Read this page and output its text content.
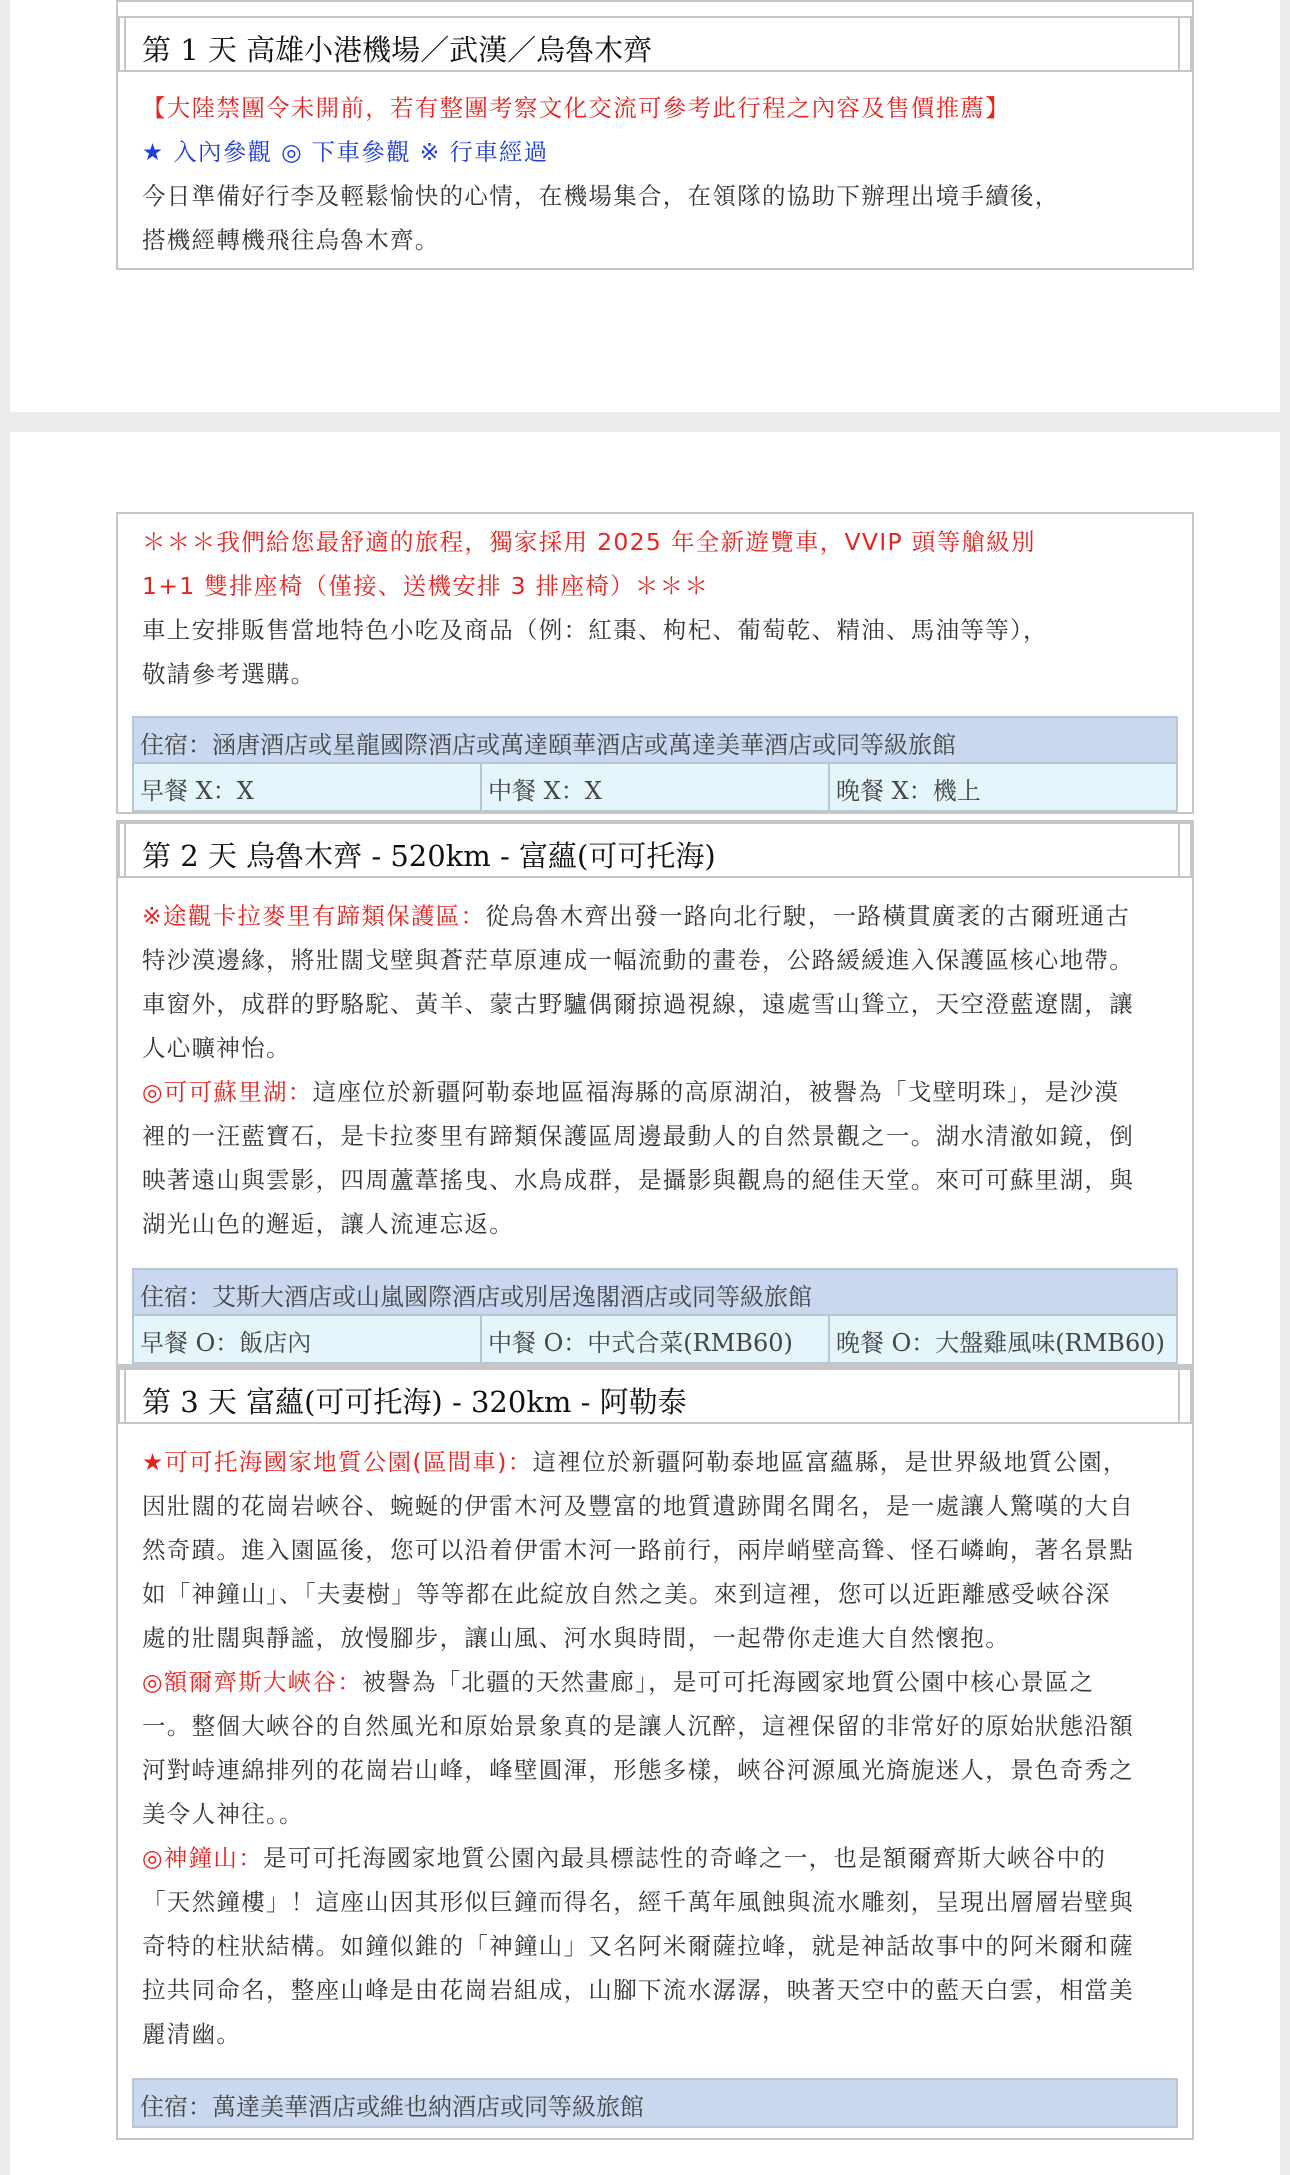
第 1 天 高雄小港機場／武漢／烏魯木齊
【大陸禁團令未開前，若有整團考察文化交流可參考此行程之內容及售價推薦】
★ 入內參觀 ◎ 下車參觀 ※ 行車經過
今日準備好行李及輕鬆愉快的心情，在機場集合，在領隊的協助下辦理出境手續後，
搭機經轉機飛往烏魯木齊。
＊＊＊我們給您最舒適的旅程，獨家採用 2025 年全新遊覽車，VVIP 頭等艙級別
1+1 雙排座椅（僅接、送機安排 3 排座椅）＊＊＊
車上安排販售當地特色小吃及商品（例：紅棗、枸杞、葡萄乾、精油、馬油等等），
敬請參考選購。
住宿：涵唐酒店或星龍國際酒店或萬達頤華酒店或萬達美華酒店或同等級旅館
早餐 X：X	中餐 X：X	晚餐 X：機上
第 2 天 烏魯木齊 - 520km - 富蘊(可可托海)
※途觀卡拉麥里有蹄類保護區：從烏魯木齊出發一路向北行駛，一路橫貫廣袤的古爾班通古
特沙漠邊緣，將壯闊戈壁與蒼茫草原連成一幅流動的畫卷，公路緩緩進入保護區核心地帶。
車窗外，成群的野駱駝、黃羊、蒙古野驢偶爾掠過視線，遠處雪山聳立，天空澄藍遼闊，讓
人心曠神怡。
◎可可蘇里湖：這座位於新疆阿勒泰地區福海縣的高原湖泊，被譽為「戈壁明珠」，是沙漠
裡的一汪藍寶石，是卡拉麥里有蹄類保護區周邊最動人的自然景觀之一。湖水清澈如鏡，倒
映著遠山與雲影，四周蘆葦搖曳、水鳥成群，是攝影與觀鳥的絕佳天堂。來可可蘇里湖，與
湖光山色的邂逅，讓人流連忘返。
住宿：艾斯大酒店或山嵐國際酒店或別居逸閣酒店或同等級旅館
早餐 O：飯店內	中餐 O：中式合菜(RMB60)	晚餐 O：大盤雞風味(RMB60)
第 3 天 富蘊(可可托海) - 320km - 阿勒泰
★可可托海國家地質公園(區間車)：這裡位於新疆阿勒泰地區富蘊縣，是世界級地質公園，
因壯闊的花崗岩峽谷、蜿蜒的伊雷木河及豐富的地質遺跡聞名聞名，是一處讓人驚嘆的大自
然奇蹟。進入園區後，您可以沿着伊雷木河一路前行，兩岸峭壁高聳、怪石嶙峋，著名景點
如「神鐘山」、「夫妻樹」等等都在此綻放自然之美。來到這裡，您可以近距離感受峽谷深
處的壯闊與靜謐，放慢腳步，讓山風、河水與時間，一起帶你走進大自然懷抱。
◎額爾齊斯大峽谷：被譽為「北疆的天然畫廊」，是可可托海國家地質公園中核心景區之
一。整個大峽谷的自然風光和原始景象真的是讓人沉醉，這裡保留的非常好的原始狀態沿額
河對峙連綿排列的花崗岩山峰，峰壁圓渾，形態多樣，峽谷河源風光旖旎迷人，景色奇秀之
美令人神往。。
◎神鐘山：是可可托海國家地質公園內最具標誌性的奇峰之一，也是額爾齊斯大峽谷中的
「天然鐘樓」！這座山因其形似巨鐘而得名，經千萬年風蝕與流水雕刻，呈現出層層岩壁與
奇特的柱狀結構。如鐘似錐的「神鐘山」又名阿米爾薩拉峰，就是神話故事中的阿米爾和薩
拉共同命名，整座山峰是由花崗岩組成，山腳下流水潺潺，映著天空中的藍天白雲，相當美
麗清幽。
住宿：萬達美華酒店或維也納酒店或同等級旅館
